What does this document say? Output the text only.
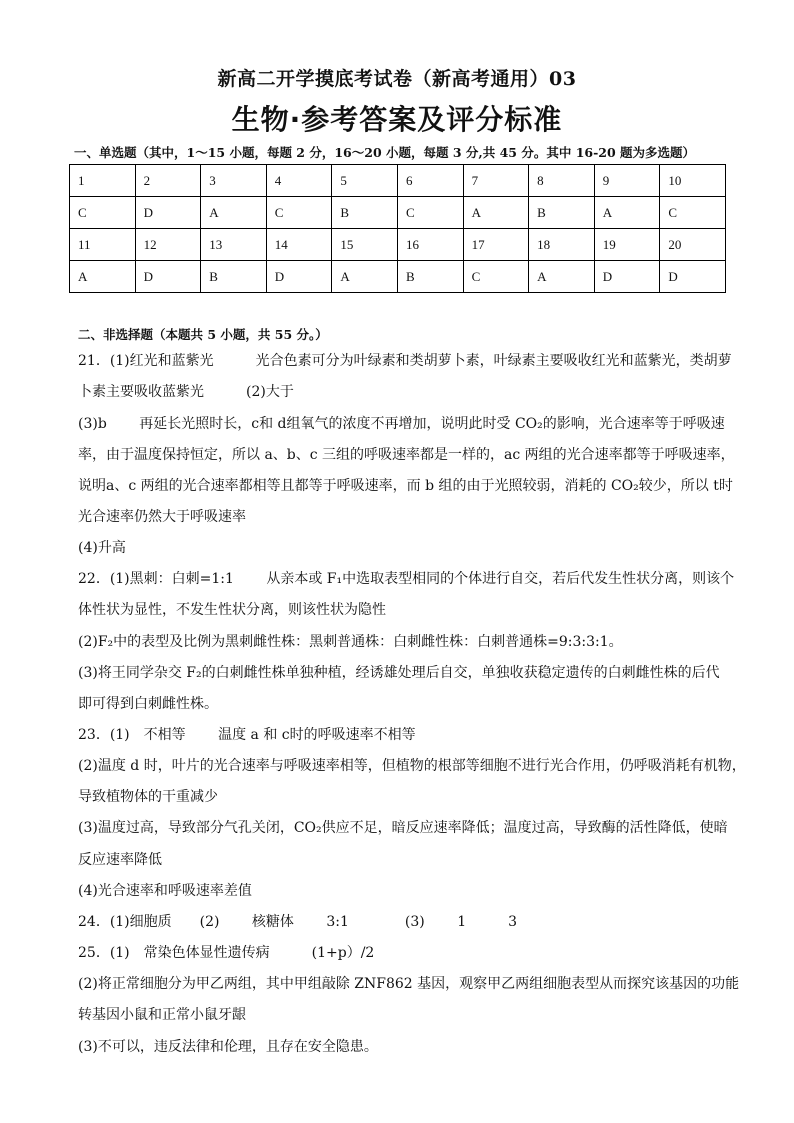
新高二开学摸底考试卷（新高考通用）03
生物·参考答案及评分标准
一、单选题（其中，1～15 小题，每题 2 分，16～20 小题，每题 3 分,共 45 分。其中 16-20 题为多选题）
1	2	3	4	5	6	7	8	9	10
C	D	A	C	B	C	A	B	A	C
11	12	13	14	15	16	17	18	19	20
A	D	B	D	A	B	C	A	D	D
二、非选择题（本题共 5 小题，共 55 分。）
21．(1)红光和蓝紫光　　　光合色素可分为叶绿素和类胡萝卜素，叶绿素主要吸收红光和蓝紫光，类胡萝
卜素主要吸收蓝紫光　　　(2)大于
(3)b　　 再延长光照时长，c和 d组氧气的浓度不再增加，说明此时受 CO₂的影响，光合速率等于呼吸速
率，由于温度保持恒定，所以 a、b、c 三组的呼吸速率都是一样的，ac 两组的光合速率都等于呼吸速率，
说明a、c 两组的光合速率都相等且都等于呼吸速率，而 b 组的由于光照较弱，消耗的 CO₂较少，所以 t时
光合速率仍然大于呼吸速率
(4)升高
22．(1)黑刺：白刺=1:1　　 从亲本或 F₁中选取表型相同的个体进行自交，若后代发生性状分离，则该个
体性状为显性，不发生性状分离，则该性状为隐性
(2)F₂中的表型及比例为黑刺雌性株：黑刺普通株：白刺雌性株：白刺普通株=9:3:3:1。
(3)将王同学杂交 F₂的白刺雌性株单独种植，经诱雄处理后自交，单独收获稳定遗传的白刺雌性株的后代
即可得到白刺雌性株。
23．(1)　不相等　　 温度 a 和 c时的呼吸速率不相等
(2)温度 d 时，叶片的光合速率与呼吸速率相等，但植物的根部等细胞不进行光合作用，仍呼吸消耗有机物，
导致植物体的干重减少
(3)温度过高，导致部分气孔关闭，CO₂供应不足，暗反应速率降低；温度过高，导致酶的活性降低，使暗
反应速率降低
(4)光合速率和呼吸速率差值
24．(1)细胞质　　(2)　　 核糖体　　 3:1　　　　(3)　　 1　　　3
25．(1)　常染色体显性遗传病　　　(1+p）/2
(2)将正常细胞分为甲乙两组，其中甲组敲除 ZNF862 基因，观察甲乙两组细胞表型从而探究该基因的功能
转基因小鼠和正常小鼠牙龈
(3)不可以，违反法律和伦理，且存在安全隐患。
